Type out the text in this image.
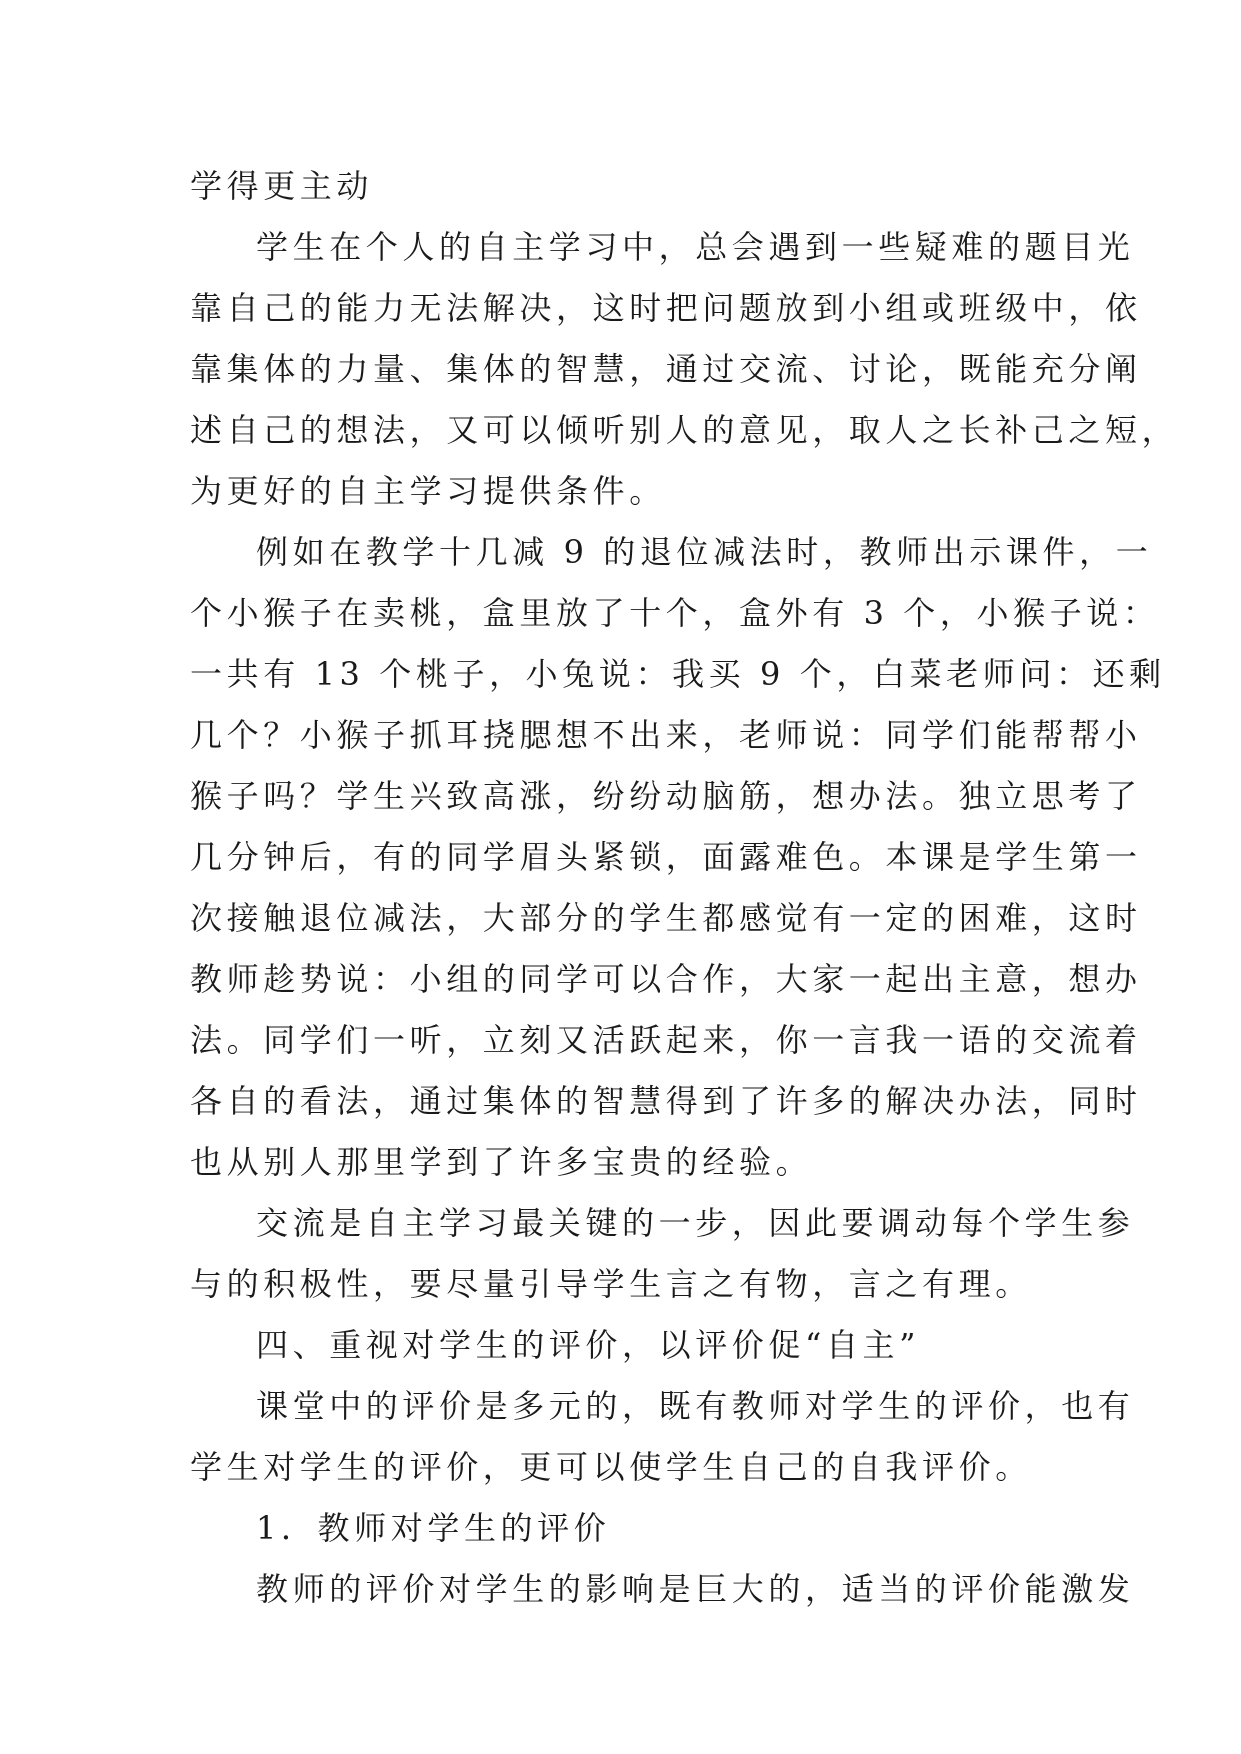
学得更主动
学生在个人的自主学习中，总会遇到一些疑难的题目光
靠自己的能力无法解决，这时把问题放到小组或班级中，依
靠集体的力量、集体的智慧，通过交流、讨论，既能充分阐
述自己的想法，又可以倾听别人的意见，取人之长补己之短，
为更好的自主学习提供条件。
例如在教学十几减 9 的退位减法时，教师出示课件，一
个小猴子在卖桃，盒里放了十个，盒外有 3 个，小猴子说：
一共有 13 个桃子，小兔说：我买 9 个，白菜老师问：还剩
几个？小猴子抓耳挠腮想不出来，老师说：同学们能帮帮小
猴子吗？学生兴致高涨，纷纷动脑筋，想办法。独立思考了
几分钟后，有的同学眉头紧锁，面露难色。本课是学生第一
次接触退位减法，大部分的学生都感觉有一定的困难，这时
教师趁势说：小组的同学可以合作，大家一起出主意，想办
法。同学们一听，立刻又活跃起来，你一言我一语的交流着
各自的看法，通过集体的智慧得到了许多的解决办法，同时
也从别人那里学到了许多宝贵的经验。
交流是自主学习最关键的一步，因此要调动每个学生参
与的积极性，要尽量引导学生言之有物，言之有理。
四、重视对学生的评价，以评价促“自主”
课堂中的评价是多元的，既有教师对学生的评价，也有
学生对学生的评价，更可以使学生自己的自我评价。
1．教师对学生的评价
教师的评价对学生的影响是巨大的，适当的评价能激发
